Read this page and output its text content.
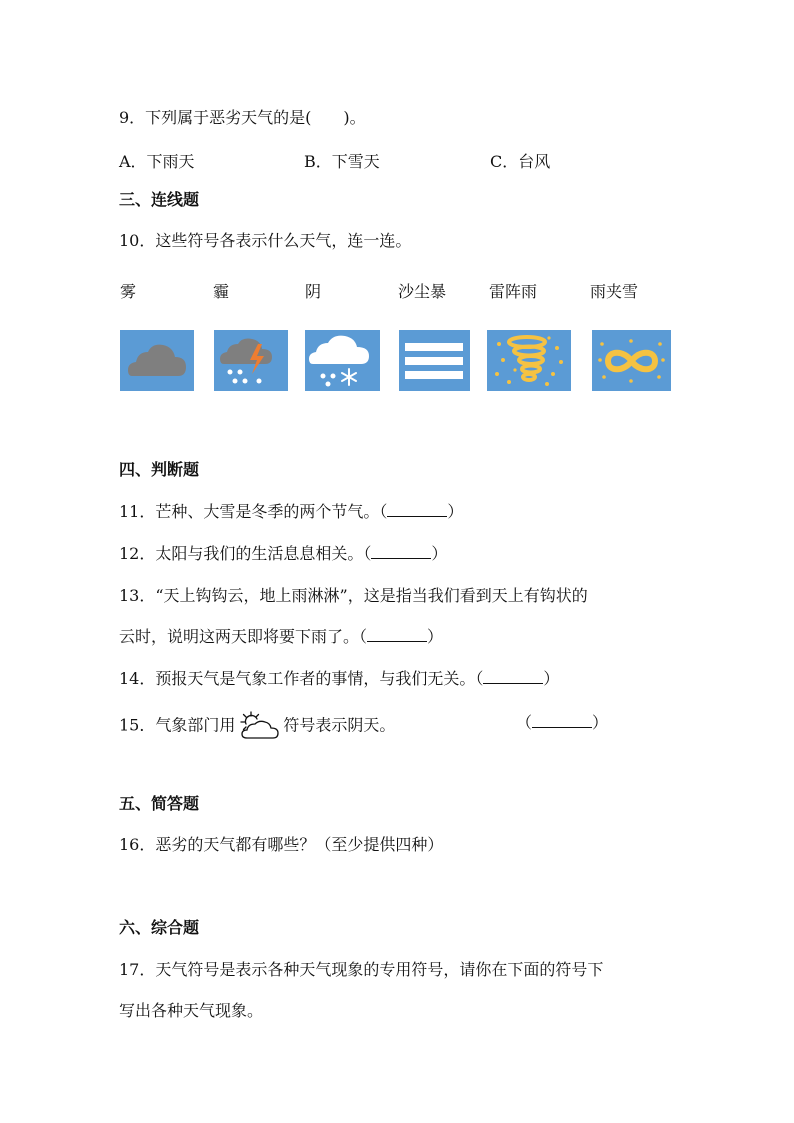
9．下列属于恶劣天气的是(　　)。
A．下雨天	B．下雪天	C．台风
三、连线题
10．这些符号各表示什么天气，连一连。
雾	霾	阴	沙尘暴	雷阵雨	雨夹雪
四、判断题
11．芒种、大雪是冬季的两个节气。（	）
12．太阳与我们的生活息息相关。（	）
13．“天上钩钩云，地上雨淋淋”，这是指当我们看到天上有钩状的
云时，说明这两天即将要下雨了。（	）
14．预报天气是气象工作者的事情，与我们无关。（	）
15．气象部门用	符号表示阴天。	（	）
五、简答题
16．恶劣的天气都有哪些？（至少提供四种）
六、综合题
17．天气符号是表示各种天气现象的专用符号，请你在下面的符号下
写出各种天气现象。
